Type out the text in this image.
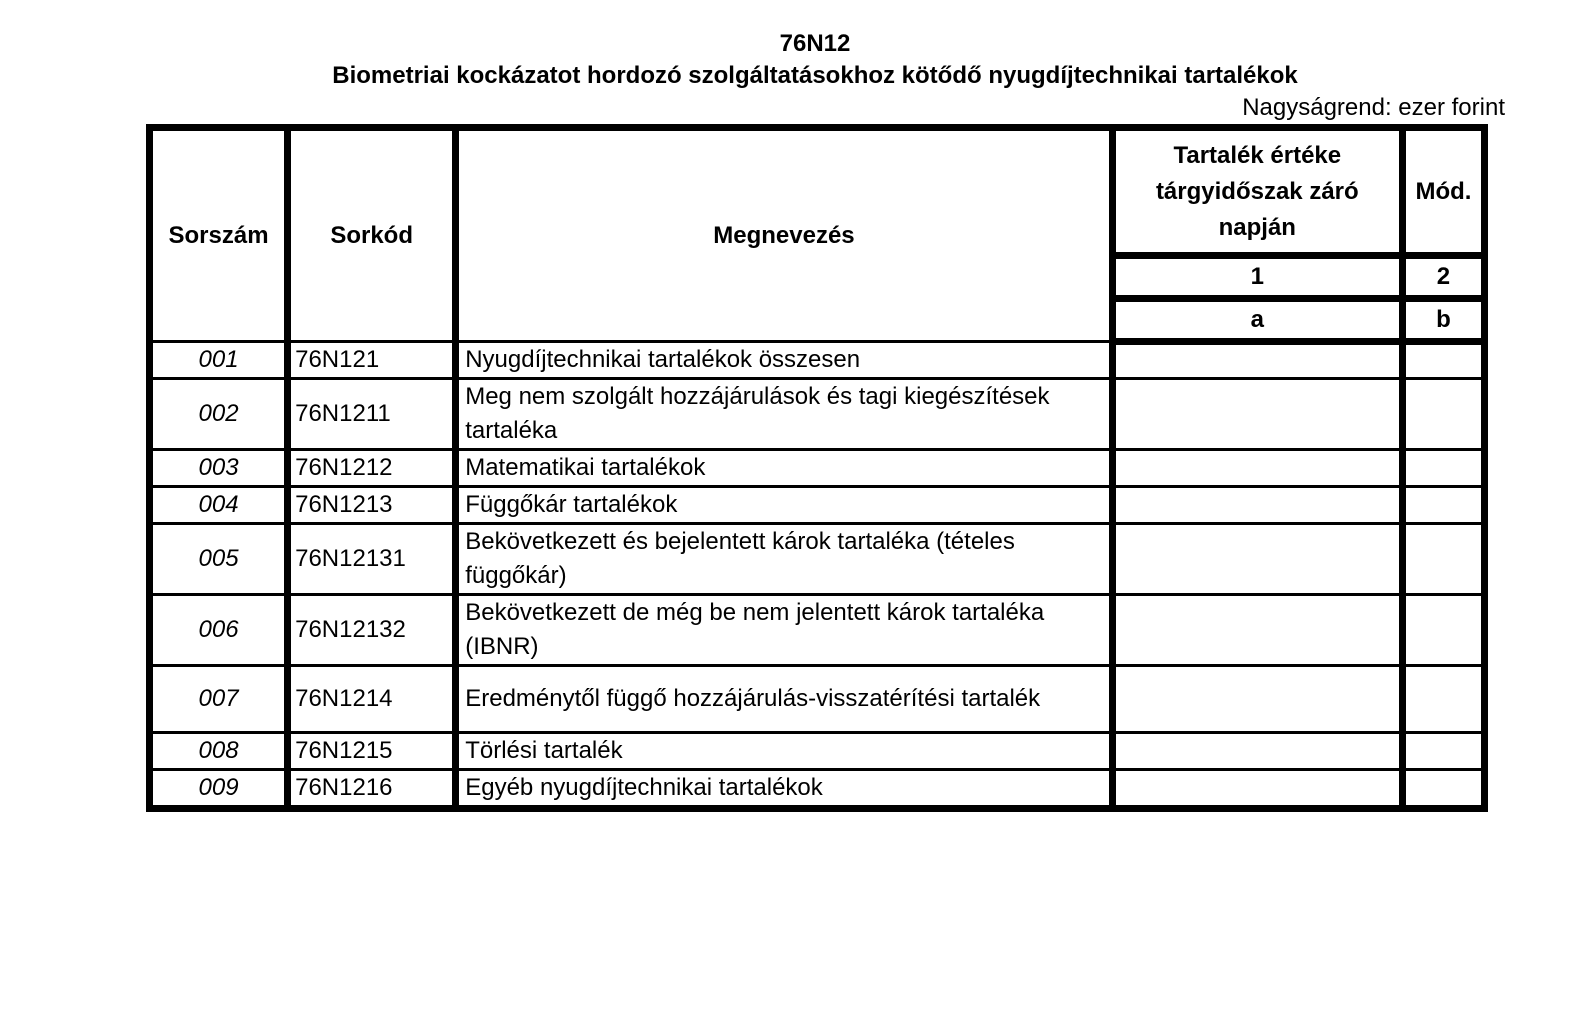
76N12
Biometriai kockázatot hordozó szolgáltatásokhoz kötődő nyugdíjtechnikai tartalékok
Nagyságrend: ezer forint
Sorszám	Sorkód	Megnevezés	Tartalék értéke tárgyidőszak záró napján	Mód.
			1	2
			a	b
001	76N121	Nyugdíjtechnikai tartalékok összesen		
002	76N1211	Meg nem szolgált hozzájárulások és tagi kiegészítések tartaléka		
003	76N1212	Matematikai tartalékok		
004	76N1213	Függőkár tartalékok		
005	76N12131	Bekövetkezett és bejelentett károk tartaléka (tételes függőkár)		
006	76N12132	Bekövetkezett de még be nem jelentett károk tartaléka (IBNR)		
007	76N1214	Eredménytől függő hozzájárulás-visszatérítési tartalék		
008	76N1215	Törlési tartalék		
009	76N1216	Egyéb nyugdíjtechnikai tartalékok		
